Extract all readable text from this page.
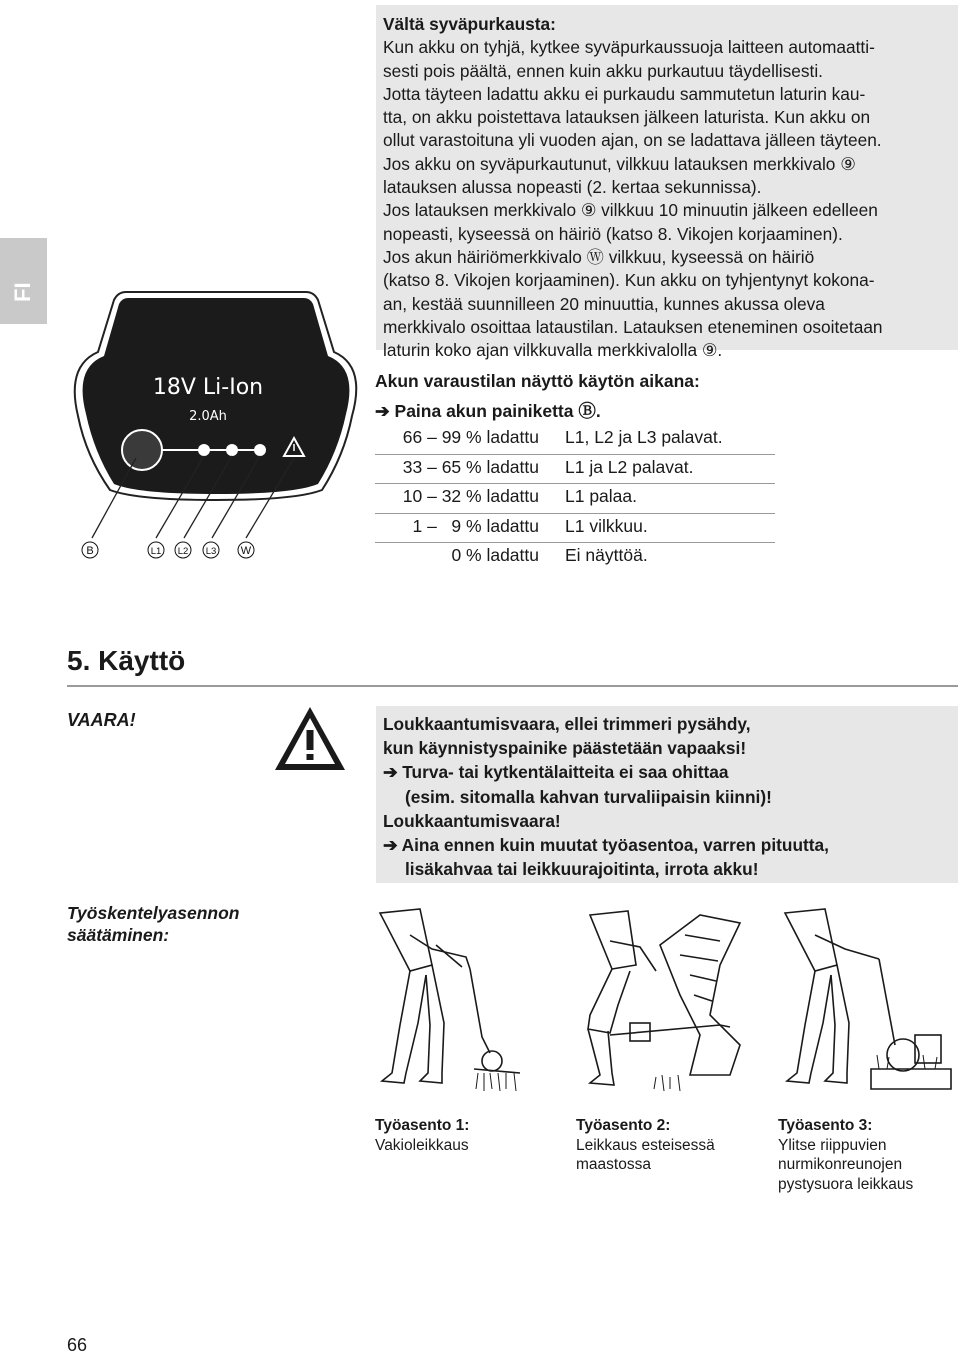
FI
18V Li-Ion
2.0Ah
B	L1 L2 L3 W

Vältä syväpurkausta:

Kun akku on tyhjä, kytkee syväpurkaussuoja laitteen automaatti-

sesti pois päältä, ennen kuin akku purkautuu täydellisesti.

Jotta täyteen ladattu akku ei purkaudu sammutetun laturin kau-

tta, on akku poistettava latauksen jälkeen laturista. Kun akku on

ollut varastoituna yli vuoden ajan, on se ladattava jälleen täyteen.

Jos akku on syväpurkautunut, vilkkuu latauksen merkkivalo ⑨

latauksen alussa nopeasti (2. kertaa sekunnissa).

Jos latauksen merkkivalo ⑨ vilkkuu 10 minuutin jälkeen edelleen

nopeasti, kyseessä on häiriö (katso 8. Vikojen korjaaminen).

Jos akun häiriömerkkivalo Ⓦ vilkkuu, kyseessä on häiriö

(katso 8. Vikojen korjaaminen). Kun akku on tyhjentynyt kokona-

an, kestää suunnilleen 20 minuuttia, kunnes akussa oleva

merkkivalo osoittaa lataustilan. Latauksen eteneminen osoitetaan

laturin koko ajan vilkkuvalla merkkivalolla ⑨.

Akun varaustilan näyttö käytön aikana:
➔ Paina akun painiketta Ⓑ.
66 – 99 % ladattu L1, L2 ja L3 palavat.
33 – 65 % ladattu L1 ja L2 palavat.
10 – 32 % ladattu L1 palaa.
1 –   9 % ladattu L1 vilkkuu.
0 % ladattu Ei näyttöä.
5. Käyttö
VAARA!	Loukkaantumisvaara, ellei trimmeri pysähdy,

kun käynnistyspainike päästetään vapaaksi!

➔ Turva- tai kytkentälaitteita ei saa ohittaa

(esim. sitomalla kahvan turvaliipaisin kiinni)!

Loukkaantumisvaara!

➔ Aina ennen kuin muutat työasentoa, varren pituutta,

lisäkahvaa tai leikkuurajoitinta, irrota akku!

Työskentelyasennon
säätäminen:
Työasento 1:
Vakioleikkaus
Työasento 2:
Leikkaus esteisessä
maastossa
Työasento 3:
Ylitse riippuvien
nurmikonreunojen
pystysuora leikkaus
66
